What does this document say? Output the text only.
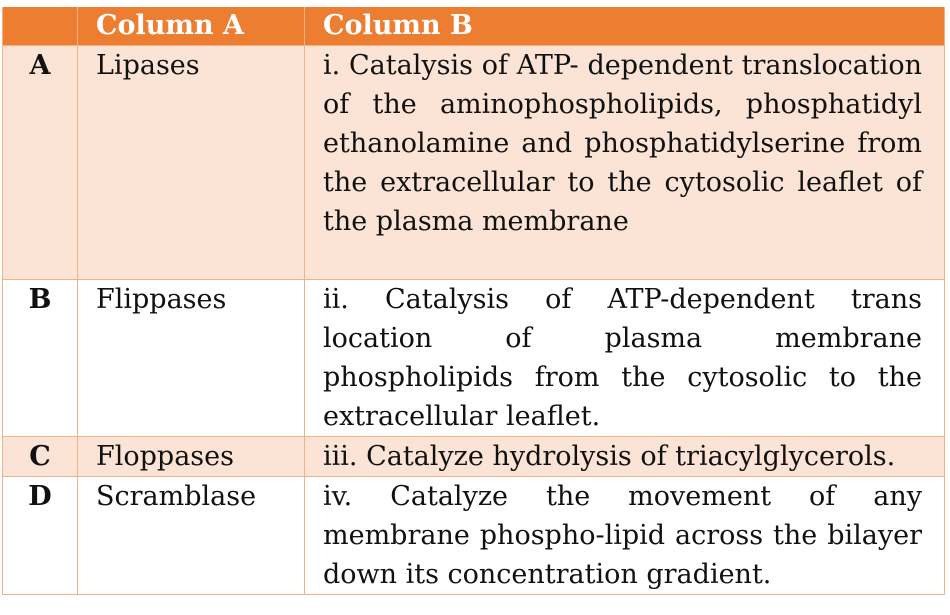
	Column A	Column B
A	Lipases	i. Catalysis of ATP- dependent translocation of the aminophospholipids, phosphatidyl ethanolamine and phosphatidylserine from the extracellular to the cytosolic leaflet of the plasma membrane
B	Flippases	ii. Catalysis of ATP-dependent trans location of plasma membrane phospholipids from the cytosolic to the extracellular leaflet.
C	Floppases	iii. Catalyze hydrolysis of triacylglycerols.
D	Scramblase	iv. Catalyze the movement of any membrane phospho-lipid across the bilayer down its concentration gradient.
